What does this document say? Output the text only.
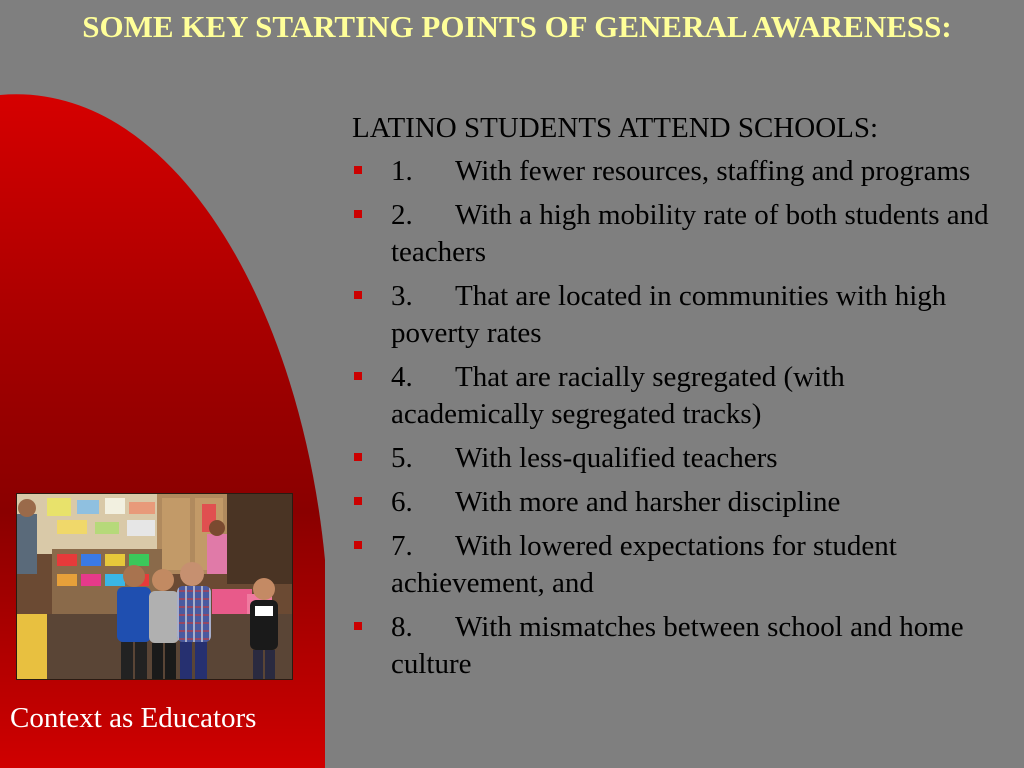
SOME KEY STARTING POINTS OF GENERAL AWARENESS:

LATINO STUDENTS ATTEND SCHOOLS:

1. With fewer resources, staffing and programs
2. With a high mobility rate of both students and teachers
3. That are located in communities with high poverty rates
4. That are racially segregated (with academically segregated tracks)
5. With less-qualified teachers
6. With more and harsher discipline
7. With lowered expectations for student achievement, and
8. With mismatches between school and home culture

Context as Educators
